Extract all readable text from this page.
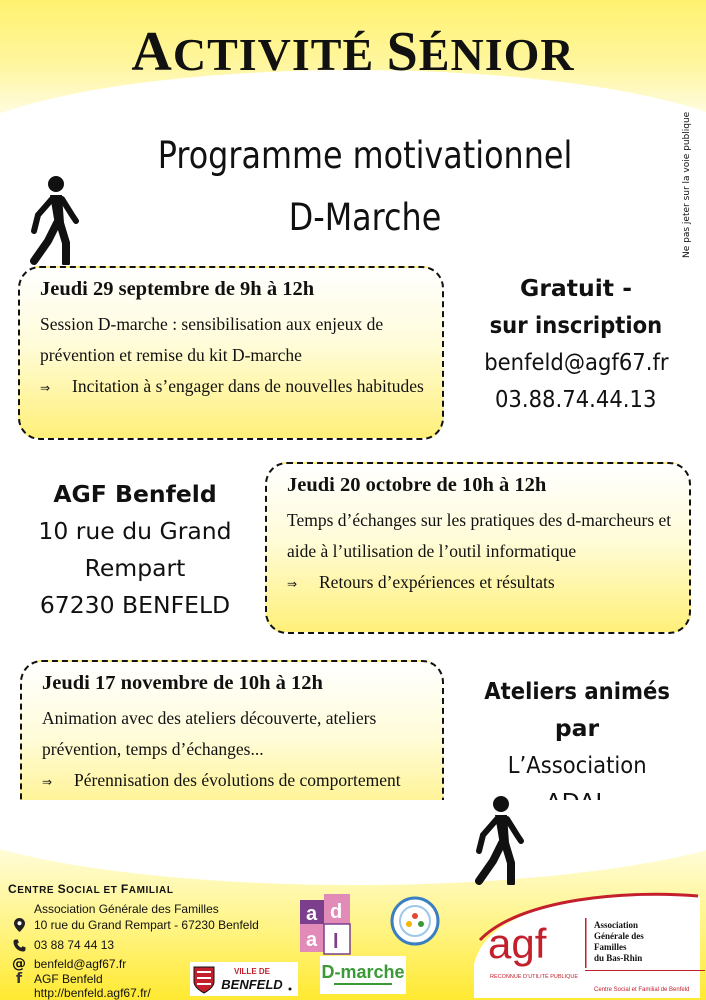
ACTIVITÉ SÉNIOR
Programme motivationnel
D-Marche	Ne pas jeter sur la voie publique
Jeudi 29 septembre de 9h à 12h
Session D-marche : sensibilisation aux enjeux de prévention et remise du kit D-marche
⇒ Incitation à s’engager dans de nouvelles habitudes
Gratuit -
sur inscription
benfeld@agf67.fr
03.88.74.44.13
AGF Benfeld
10 rue du Grand
Rempart
67230 BENFELD
Jeudi 20 octobre de 10h à 12h
Temps d’échanges sur les pratiques des d-marcheurs et aide à l’utilisation de l’outil informatique
⇒ Retours d’expériences et résultats
Jeudi 17 novembre de 10h à 12h
Animation avec des ateliers découverte, ateliers prévention, temps d’échanges...
⇒ Pérennisation des évolutions de comportement
Ateliers animés
par
L’Association
CENTRE SOCIAL ET FAMILIAL
Association Générale des Familles
10 rue du Grand Rempart - 67230 Benfeld
03 88 74 44 13
@ benfeld@agf67.fr
f AGF Benfeld
http://benfeld.agf67.fr/
a d
a l
VILLE DE
BENFELD
D-marche
agf	Association
Générale des
Familles
du Bas-Rhin
RECONNUE D’UTILITÉ PUBLIQUE
Centre Social et Familial de Benfeld
